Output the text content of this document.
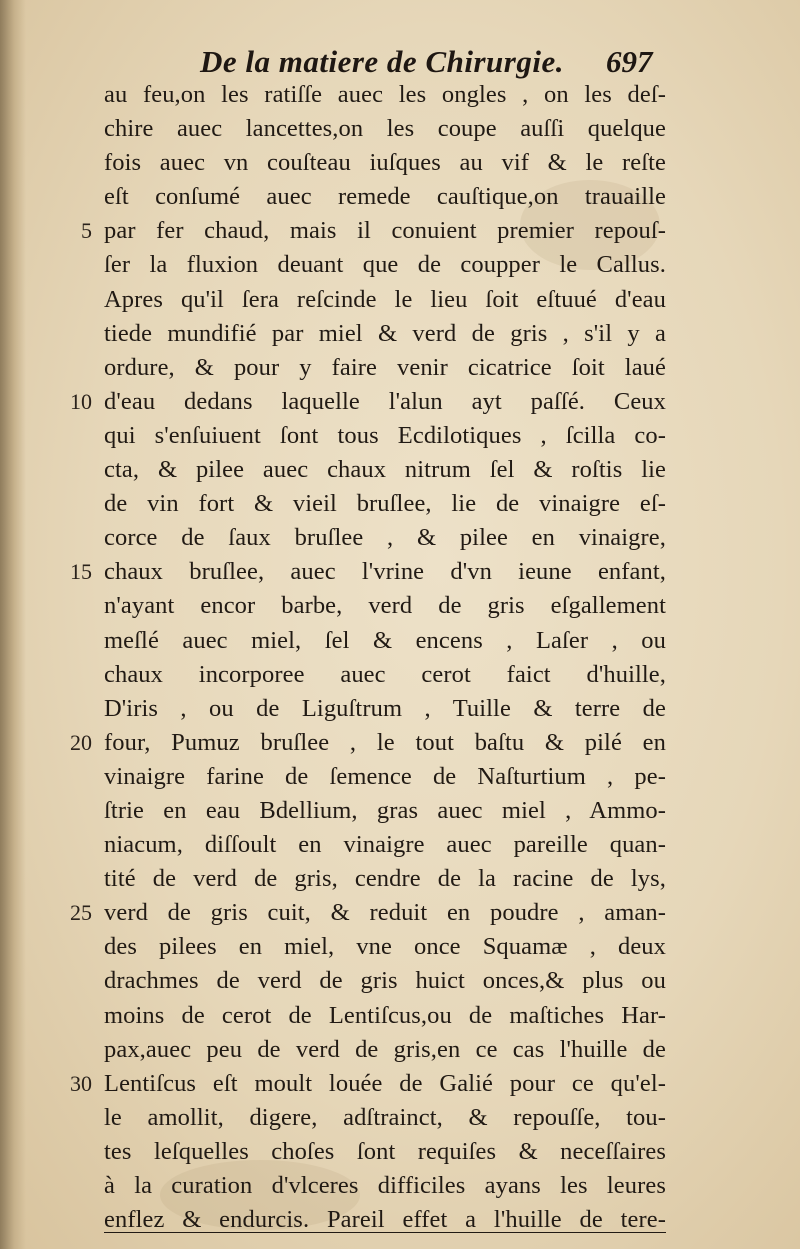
De la matiere de Chirurgie. 697
au feu,on les ratiſſe auec les ongles , on les deſ-
chire auec lancettes,on les coupe auſſi quelque
fois auec vn couſteau iuſques au vif & le reſte
eſt conſumé auec remede cauſtique,on trauaille
par fer chaud, mais il conuient premier repouſ-
ſer la fluxion deuant que de coupper le Callus.
Apres qu'il ſera reſcinde le lieu ſoit eſtuué d'eau
tiede mundifié par miel & verd de gris , s'il y a
ordure, & pour y faire venir cicatrice ſoit laué
d'eau dedans laquelle l'alun ayt paſſé. Ceux
qui s'enſuiuent ſont tous Ecdilotiques , ſcilla co-
cta, & pilee auec chaux nitrum ſel & roſtis lie
de vin fort & vieil bruſlee, lie de vinaigre eſ-
corce de ſaux bruſlee , & pilee en vinaigre,
chaux bruſlee, auec l'vrine d'vn ieune enfant,
n'ayant encor barbe, verd de gris eſgallement
meſlé auec miel, ſel & encens , Laſer , ou
chaux incorporee auec cerot faict d'huille,
D'iris , ou de Liguſtrum , Tuille & terre de
four, Pumuz bruſlee , le tout baſtu & pilé en
vinaigre farine de ſemence de Naſturtium , pe-
ſtrie en eau Bdellium, gras auec miel , Ammo-
niacum, diſſoult en vinaigre auec pareille quan-
tité de verd de gris, cendre de la racine de lys,
verd de gris cuit, & reduit en poudre , aman-
des pilees en miel, vne once Squamæ , deux
drachmes de verd de gris huict onces,& plus ou
moins de cerot de Lentiſcus,ou de maſtiches Har-
pax,auec peu de verd de gris,en ce cas l'huille de
Lentiſcus eſt moult louée de Galié pour ce qu'el-
le amollit, digere, adſtrainct, & repouſſe, tou-
tes leſquelles choſes ſont requiſes & neceſſaires
à la curation d'vlceres difficiles ayans les leures
enflez & endurcis. Pareil effet a l'huille de tere-
5
10
15
20
25
30
